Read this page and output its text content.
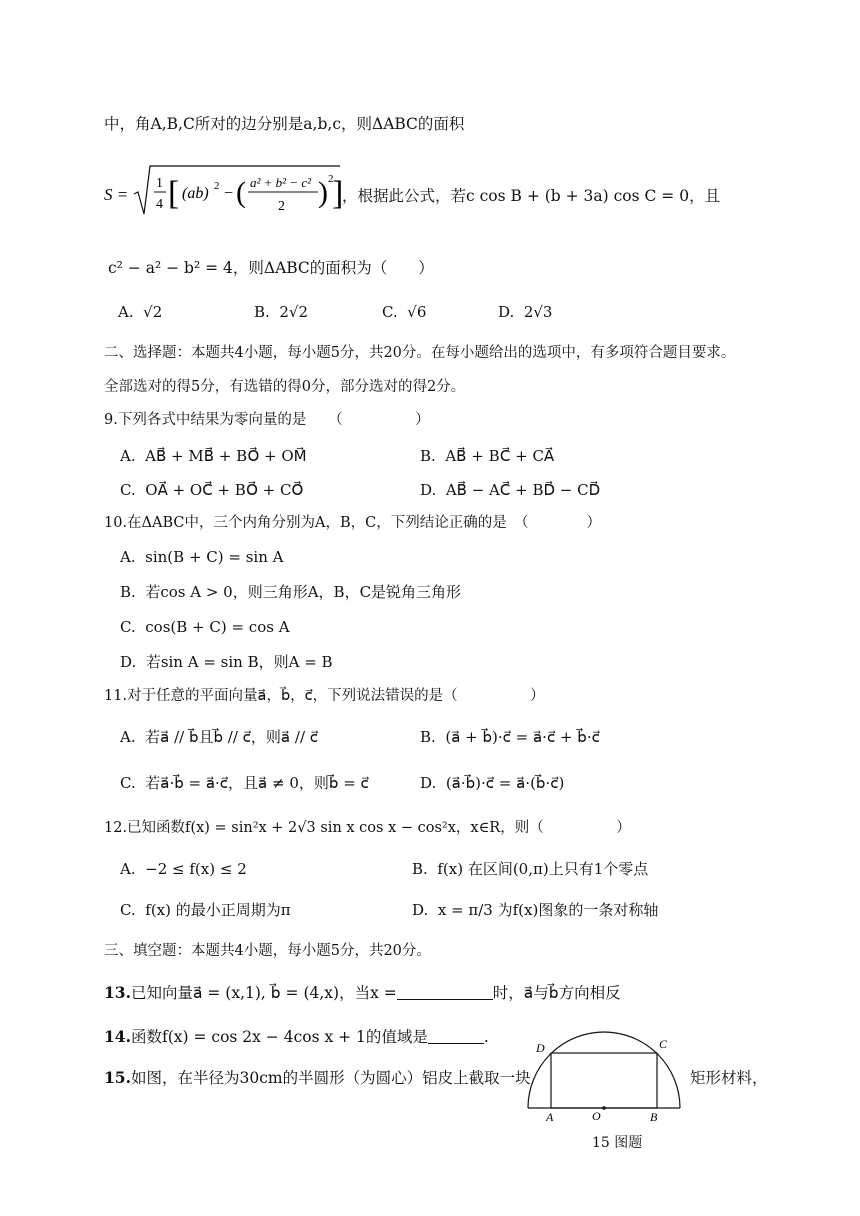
中，角A,B,C所对的边分别是a,b,c，则ΔABC的面积
S =
1
4 [ (ab) 2 − ( a² + b² − c²
2 ) 2
]
，根据此公式，若c cos B + (b + 3a) cos C = 0，且
c² − a² − b² = 4，则ΔABC的面积为（　　）
A. √2	B. 2√2	C. √6	D. 2√3
二、选择题：本题共4小题，每小题5分，共20分。在每小题给出的选项中，有多项符合题目要求。
全部选对的得5分，有选错的得0分，部分选对的得2分。
9.下列各式中结果为零向量的是　　（　　　　　）
A. AB⃗ + MB⃗ + BO⃗ + OM⃗	B. AB⃗ + BC⃗ + CA⃗
C. OA⃗ + OC⃗ + BO⃗ + CO⃗	D. AB⃗ − AC⃗ + BD⃗ − CD⃗
10.在ΔABC中，三个内角分别为A，B，C，下列结论正确的是　（　　　　）
A. sin(B + C) = sin A
B. 若cos A > 0，则三角形A，B，C是锐角三角形
C. cos(B + C) = cos A
D. 若sin A = sin B，则A = B
11.对于任意的平面向量a⃗，b⃗，c⃗，下列说法错误的是（　　　　　）
A. 若a⃗ // b⃗且b⃗ // c⃗，则a⃗ // c⃗	B. (a⃗ + b⃗)·c⃗ = a⃗·c⃗ + b⃗·c⃗
C. 若a⃗·b⃗ = a⃗·c⃗，且a⃗ ≠ 0，则b⃗ = c⃗	D. (a⃗·b⃗)·c⃗ = a⃗·(b⃗·c⃗)
12.已知函数f(x) = sin²x + 2√3 sin x cos x − cos²x，x∈R，则（　　　　　）
A. −2 ≤ f(x) ≤ 2	B. f(x) 在区间(0,π)上只有1个零点
C. f(x) 的最小正周期为π	D. x = π/3 为f(x)图象的一条对称轴
三、填空题：本题共4小题，每小题5分，共20分。
13.已知向量a⃗ = (x,1), b⃗ = (4,x)，当x =	时，a⃗与b⃗方向相反
14.函数f(x) = cos 2x − 4cos x + 1的值域是	.
15.如图，在半径为30cm的半圆形（为圆心）铝皮上截取一块	矩形材料，
D	C
A	O	B
15 图题
